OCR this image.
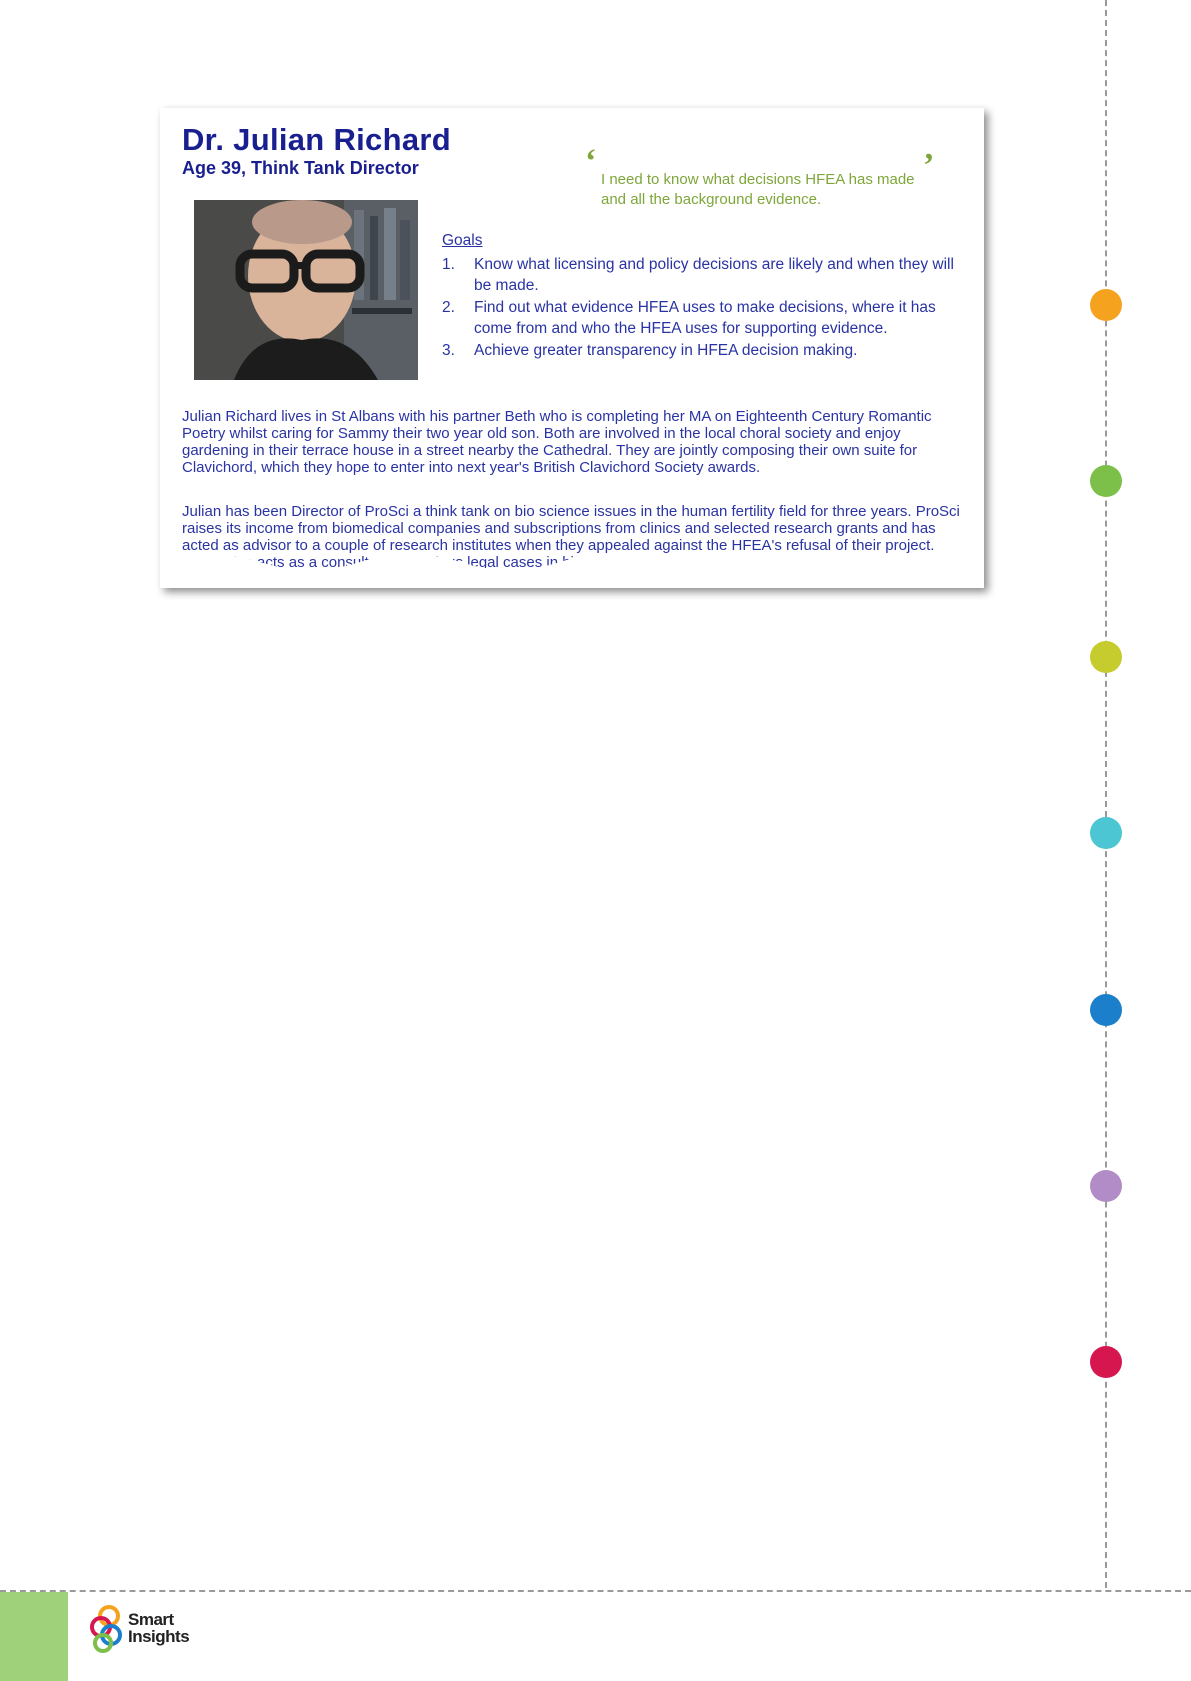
Dr. Julian Richard

Age 39, Think Tank Director	‘ I need to know what decisions HFEA has made and all the background evidence.
’

Goals

1. Know what licensing and policy decisions are likely and when they will be made.
2. Find out what evidence HFEA uses to make decisions, where it has come from and who the HFEA uses for supporting evidence.
3. Achieve greater transparency in HFEA decision making.

Julian Richard lives in St Albans with his partner Beth who is completing her MA on Eighteenth Century Romantic Poetry whilst caring for Sammy their two year old son. Both are involved in the local choral society and enjoy gardening in their terrace house in a street nearby the Cathedral. They are jointly composing their own suite for Clavichord, which they hope to enter into next year's British Clavichord Society awards.

Julian has been Director of ProSci a think tank on bio science issues in the human fertility field for three years. ProSci raises its income from biomedical companies and subscriptions from clinics and selected research grants and has acted as advisor to a couple of research institutes when they appealed against the HFEA's refusal of their project. acts as a consultant legal cases in

Smart
Insights
